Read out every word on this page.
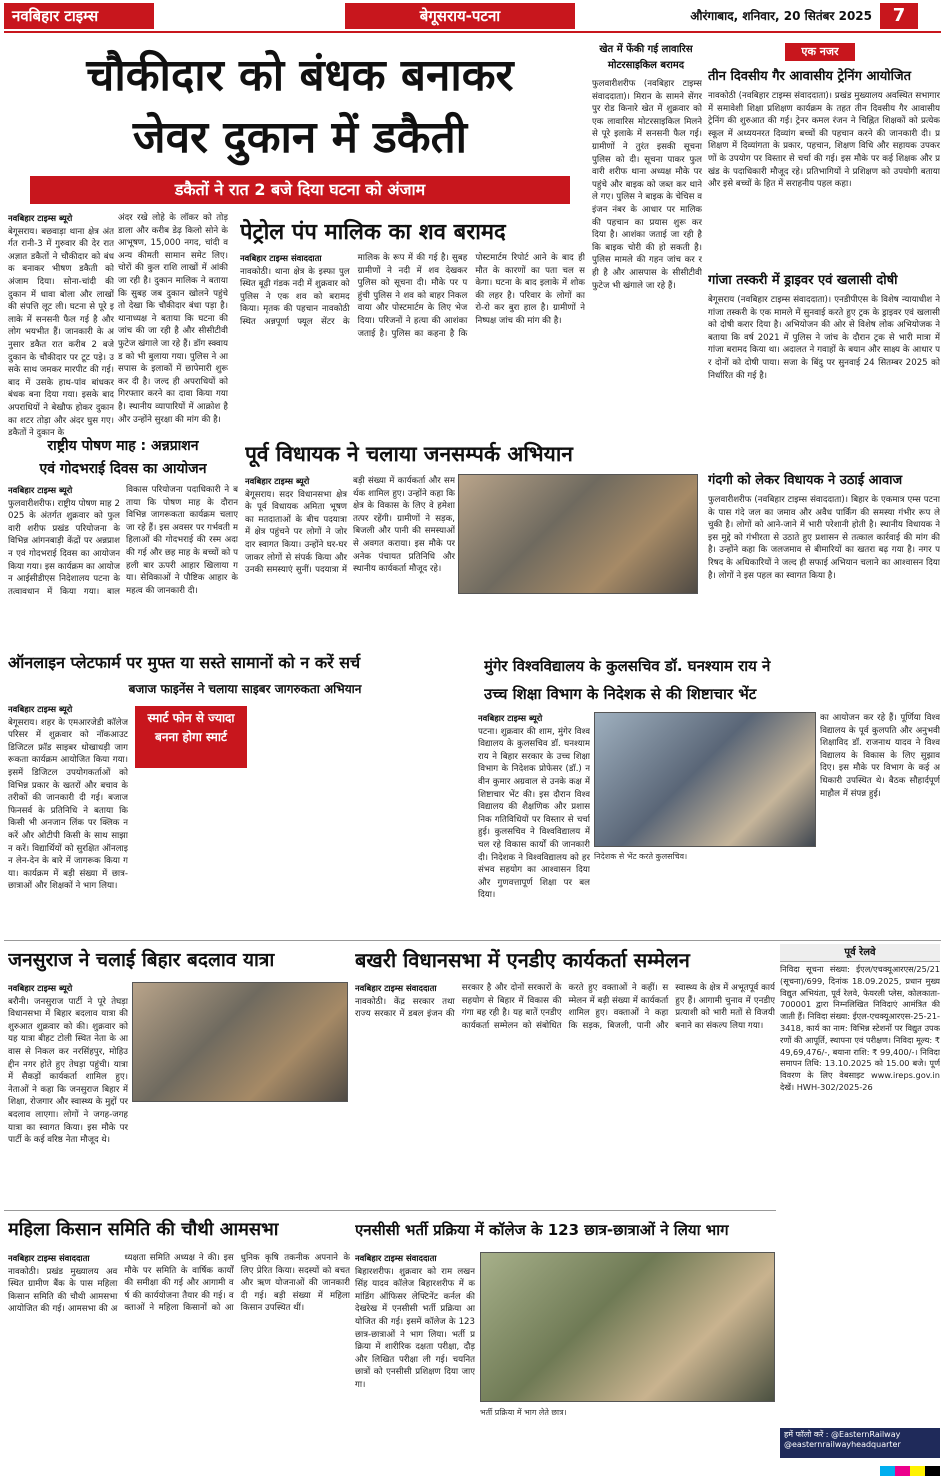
नवबिहार टाइम्स	बेगूसराय-पटना	औरंगाबाद, शनिवार, 20 सितंबर 2025	7
चौकीदार को बंधक बनाकर
जेवर दुकान में डकैती
डकैतों ने रात 2 बजे दिया घटना को अंजाम
नवबिहार टाइम्स ब्यूरो
बेगूसराय। बछवाड़ा थाना क्षेत्र अंतर्गत रानी-3 में गुरुवार की देर रात अज्ञात डकैतों ने चौकीदार को बंधक बनाकर भीषण डकैती को अंजाम दिया। सोना-चांदी की दुकान में धावा बोला और लाखों की संपत्ति लूट ली। घटना से पूरे इलाके में सनसनी फैल गई है और लोग भयभीत हैं। जानकारी के अनुसार डकैत रात करीब 2 बजे दुकान के चौकीदार पर टूट पड़े। उसके साथ जमकर मारपीट की गई। बाद में उसके हाथ-पांव बांधकर बंधक बना दिया गया। इसके बाद अपराधियों ने बेखौफ होकर दुकान का शटर तोड़ा और अंदर घुस गए। डकैतों ने दुकान के
अंदर रखे लोहे के लॉकर को तोड़ डाला और करीब डेढ़ किलो सोने के आभूषण, 15,000 नगद, चांदी व अन्य कीमती सामान समेट लिए। चोरों की कुल राशि लाखों में आंकी जा रही है। दुकान मालिक ने बताया कि सुबह जब दुकान खोलने पहुंचे तो देखा कि चौकीदार बंधा पड़ा है। थानाध्यक्ष ने बताया कि घटना की जांच की जा रही है और सीसीटीवी फुटेज खंगाले जा रहे हैं। डॉग स्क्वायड को भी बुलाया गया। पुलिस ने आसपास के इलाकों में छापेमारी शुरू कर दी है। जल्द ही अपराधियों को गिरफ्तार करने का दावा किया गया है। स्थानीय व्यापारियों में आक्रोश है और उन्होंने सुरक्षा की मांग की है।
पेट्रोल पंप मालिक का शव बरामद
नवबिहार टाइम्स संवाददाता
नावकोठी। थाना क्षेत्र के इस्फा पुल स्थित बूढ़ी गंडक नदी में शुक्रवार को पुलिस ने एक शव को बरामद किया। मृतक की पहचान नावकोठी स्थित अन्नपूर्णा फ्यूल सेंटर के मालिक के रूप में की गई है। सुबह ग्रामीणों ने नदी में शव देखकर पुलिस को सूचना दी। मौके पर पहुंची पुलिस ने शव को बाहर निकलवाया और पोस्टमार्टम के लिए भेज दिया। परिजनों ने हत्या की आशंका जताई है। पुलिस का कहना है कि पोस्टमार्टम रिपोर्ट आने के बाद ही मौत के कारणों का पता चल सकेगा। घटना के बाद इलाके में शोक की लहर है। परिवार के लोगों का रो-रो कर बुरा हाल है। ग्रामीणों ने निष्पक्ष जांच की मांग की है।
खेत में फेंकी गई लावारिस
मोटरसाइकिल बरामद
फुलवारीशरीफ (नवबिहार टाइम्स संवाददाता)। मिरान के सामने सेंगरपुर रोड किनारे खेत में शुक्रवार को एक लावारिस मोटरसाइकिल मिलने से पूरे इलाके में सनसनी फैल गई। ग्रामीणों ने तुरंत इसकी सूचना पुलिस को दी। सूचना पाकर फुलवारी शरीफ थाना अध्यक्ष मौके पर पहुंचे और बाइक को जब्त कर थाने ले गए। पुलिस ने बाइक के चेचिस व इंजन नंबर के आधार पर मालिक की पहचान का प्रयास शुरू कर दिया है। आशंका जताई जा रही है कि बाइक चोरी की हो सकती है। पुलिस मामले की गहन जांच कर रही है और आसपास के सीसीटीवी फुटेज भी खंगाले जा रहे हैं।
एक नजर
तीन दिवसीय गैर आवासीय ट्रेनिंग आयोजित
नावकोठी (नवबिहार टाइम्स संवाददाता)। प्रखंड मुख्यालय अवस्थित सभागार में समावेशी शिक्षा प्रशिक्षण कार्यक्रम के तहत तीन दिवसीय गैर आवासीय ट्रेनिंग की शुरुआत की गई। ट्रेनर कमल रंजन ने चिह्नित शिक्षकों को प्रत्येक स्कूल में अध्ययनरत दिव्यांग बच्चों की पहचान करने की जानकारी दी। प्रशिक्षण में दिव्यांगता के प्रकार, पहचान, शिक्षण विधि और सहायक उपकरणों के उपयोग पर विस्तार से चर्चा की गई। इस मौके पर कई शिक्षक और प्रखंड के पदाधिकारी मौजूद रहे। प्रतिभागियों ने प्रशिक्षण को उपयोगी बताया और इसे बच्चों के हित में सराहनीय पहल कहा।
गांजा तस्करी में ड्राइवर एवं खलासी दोषी
बेगूसराय (नवबिहार टाइम्स संवाददाता)। एनडीपीएस के विशेष न्यायाधीश ने गांजा तस्करी के एक मामले में सुनवाई करते हुए ट्रक के ड्राइवर एवं खलासी को दोषी करार दिया है। अभियोजन की ओर से विशेष लोक अभियोजक ने बताया कि वर्ष 2021 में पुलिस ने जांच के दौरान ट्रक से भारी मात्रा में गांजा बरामद किया था। अदालत ने गवाहों के बयान और साक्ष्य के आधार पर दोनों को दोषी पाया। सजा के बिंदु पर सुनवाई 24 सितम्बर 2025 को निर्धारित की गई है।
गंदगी को लेकर विधायक ने उठाई आवाज
फुलवारीशरीफ (नवबिहार टाइम्स संवाददाता)। बिहार के एकमात्र एम्स पटना के पास गंदे जल का जमाव और अवैध पार्किंग की समस्या गंभीर रूप ले चुकी है। लोगों को आने-जाने में भारी परेशानी होती है। स्थानीय विधायक ने इस मुद्दे को गंभीरता से उठाते हुए प्रशासन से तत्काल कार्रवाई की मांग की है। उन्होंने कहा कि जलजमाव से बीमारियों का खतरा बढ़ गया है। नगर परिषद के अधिकारियों ने जल्द ही सफाई अभियान चलाने का आश्वासन दिया है। लोगों ने इस पहल का स्वागत किया है।
राष्ट्रीय पोषण माह : अन्नप्राशन
एवं गोदभराई दिवस का आयोजन
नवबिहार टाइम्स ब्यूरो
फुलवारीशरीफ। राष्ट्रीय पोषण माह 2025 के अंतर्गत शुक्रवार को फुलवारी शरीफ प्रखंड परियोजना के विभिन्न आंगनबाड़ी केंद्रों पर अन्नप्राशन एवं गोदभराई दिवस का आयोजन किया गया। इस कार्यक्रम का आयोजन आईसीडीएस निदेशालय पटना के तत्वावधान में किया गया। बाल विकास परियोजना पदाधिकारी ने बताया कि पोषण माह के दौरान विभिन्न जागरूकता कार्यक्रम चलाए जा रहे हैं। इस अवसर पर गर्भवती महिलाओं की गोदभराई की रस्म अदा की गई और छह माह के बच्चों को पहली बार ऊपरी आहार खिलाया गया। सेविकाओं ने पौष्टिक आहार के महत्व की जानकारी दी।
पूर्व विधायक ने चलाया जनसम्पर्क अभियान
नवबिहार टाइम्स ब्यूरो
बेगूसराय। सदर विधानसभा क्षेत्र के पूर्व विधायक अमिता भूषण का मतदाताओं के बीच पदयात्रा में क्षेत्र पहुंचने पर लोगों ने जोरदार स्वागत किया। उन्होंने घर-घर जाकर लोगों से संपर्क किया और उनकी समस्याएं सुनीं। पदयात्रा में बड़ी संख्या में कार्यकर्ता और समर्थक शामिल हुए। उन्होंने कहा कि क्षेत्र के विकास के लिए वे हमेशा तत्पर रहेंगी। ग्रामीणों ने सड़क, बिजली और पानी की समस्याओं से अवगत कराया। इस मौके पर अनेक पंचायत प्रतिनिधि और स्थानीय कार्यकर्ता मौजूद रहे।
ऑनलाइन प्लेटफार्म पर मुफ्त या सस्ते सामानों को न करें सर्च
बजाज फाइनेंस ने चलाया साइबर जागरुकता अभियान
नवबिहार टाइम्स ब्यूरो
बेगूसराय। शहर के एमआरजेडी कॉलेज परिसर में शुक्रवार को नॉकआउट डिजिटल फ्रॉड साइबर धोखाधड़ी जागरूकता कार्यक्रम आयोजित किया गया। इसमें डिजिटल उपयोगकर्ताओं को विभिन्न प्रकार के खतरों और बचाव के तरीकों की जानकारी दी गई। बजाज फिनसर्व के प्रतिनिधि ने बताया कि किसी भी अनजान लिंक पर क्लिक न करें और ओटीपी किसी के साथ साझा न करें। विद्यार्थियों को सुरक्षित ऑनलाइन लेन-देन के बारे में जागरूक किया गया। कार्यक्रम में बड़ी संख्या में छात्र-छात्राओं और शिक्षकों ने भाग लिया।
स्मार्ट फोन से ज्यादा बनना होगा स्मार्ट
मुंगेर विश्वविद्यालय के कुलसचिव डॉ. घनश्याम राय ने
उच्च शिक्षा विभाग के निदेशक से की शिष्टाचार भेंट
नवबिहार टाइम्स ब्यूरो
पटना। शुक्रवार की शाम, मुंगेर विश्वविद्यालय के कुलसचिव डॉ. घनश्याम राय ने बिहार सरकार के उच्च शिक्षा विभाग के निदेशक प्रोफेसर (डॉ.) नवीन कुमार अग्रवाल से उनके कक्ष में शिष्टाचार भेंट की। इस दौरान विश्वविद्यालय की शैक्षणिक और प्रशासनिक गतिविधियों पर विस्तार से चर्चा हुई। कुलसचिव ने विश्वविद्यालय में चल रहे विकास कार्यों की जानकारी दी। निदेशक ने विश्वविद्यालय को हर संभव सहयोग का आश्वासन दिया और गुणवत्तापूर्ण शिक्षा पर बल दिया।
निदेशक से भेंट करते कुलसचिव।
का आयोजन कर रहे हैं। पूर्णिया विश्वविद्यालय के पूर्व कुलपति और अनुभवी शिक्षाविद डॉ. राजनाथ यादव ने विश्वविद्यालय के विकास के लिए सुझाव दिए। इस मौके पर विभाग के कई अधिकारी उपस्थित थे। बैठक सौहार्दपूर्ण माहौल में संपन्न हुई।
जनसुराज ने चलाई बिहार बदलाव यात्रा
नवबिहार टाइम्स ब्यूरो
बरौनी। जनसुराज पार्टी ने पूरे तेघड़ा विधानसभा में बिहार बदलाव यात्रा की शुरुआत शुक्रवार को की। शुक्रवार को यह यात्रा बीहट टोली स्थित नेता के आवास से निकल कर नरसिंहपुर, मोहिउद्दीन नगर होते हुए तेघड़ा पहुंची। यात्रा में सैकड़ों कार्यकर्ता शामिल हुए। नेताओं ने कहा कि जनसुराज बिहार में शिक्षा, रोजगार और स्वास्थ्य के मुद्दों पर बदलाव लाएगा। लोगों ने जगह-जगह यात्रा का स्वागत किया। इस मौके पर पार्टी के कई वरिष्ठ नेता मौजूद थे।
बखरी विधानसभा में एनडीए कार्यकर्ता सम्मेलन
नवबिहार टाइम्स संवाददाता
नावकोठी। केंद्र सरकार तथा राज्य सरकार में डबल इंजन की सरकार है और दोनों सरकारों के सहयोग से बिहार में विकास की गंगा बह रही है। यह बातें एनडीए कार्यकर्ता सम्मेलन को संबोधित करते हुए वक्ताओं ने कहीं। सम्मेलन में बड़ी संख्या में कार्यकर्ता शामिल हुए। वक्ताओं ने कहा कि सड़क, बिजली, पानी और स्वास्थ्य के क्षेत्र में अभूतपूर्व कार्य हुए हैं। आगामी चुनाव में एनडीए प्रत्याशी को भारी मतों से विजयी बनाने का संकल्प लिया गया।
पूर्व रेलवे
निविदा सूचना संख्या: ईएल/एचक्यूआरएस/25/21 (सूचना)/699, दिनांक 18.09.2025, प्रधान मुख्य विद्युत अभियंता, पूर्व रेलवे, फेयरली प्लेस, कोलकाता-700001 द्वारा निम्नलिखित निविदाएं आमंत्रित की जाती हैं। निविदा संख्या: ईएल-एचक्यूआरएस-25-21-3418, कार्य का नाम: विभिन्न स्टेशनों पर विद्युत उपकरणों की आपूर्ति, स्थापना एवं परीक्षण। निविदा मूल्य: ₹ 49,69,476/-, बयाना राशि: ₹ 99,400/-। निविदा समापन तिथि: 13.10.2025 को 15.00 बजे। पूर्ण विवरण के लिए वेबसाइट www.ireps.gov.in देखें। HWH-302/2025-26
हमें फॉलो करें : @EasternRailway @easternrailwayheadquarter
महिला किसान समिति की चौथी आमसभा
नवबिहार टाइम्स संवाददाता
नावकोठी। प्रखंड मुख्यालय अवस्थित ग्रामीण बैंक के पास महिला किसान समिति की चौथी आमसभा आयोजित की गई। आमसभा की अध्यक्षता समिति अध्यक्ष ने की। इस मौके पर समिति के वार्षिक कार्यों की समीक्षा की गई और आगामी वर्ष की कार्ययोजना तैयार की गई। वक्ताओं ने महिला किसानों को आधुनिक कृषि तकनीक अपनाने के लिए प्रेरित किया। सदस्यों को बचत और ऋण योजनाओं की जानकारी दी गई। बड़ी संख्या में महिला किसान उपस्थित थीं।
एनसीसी भर्ती प्रक्रिया में कॉलेज के 123 छात्र-छात्राओं ने लिया भाग
नवबिहार टाइम्स संवाददाता
बिहारशरीफ। शुक्रवार को राम लखन सिंह यादव कॉलेज बिहारशरीफ में कमांडिंग ऑफिसर लेफ्टिनेंट कर्नल की देखरेख में एनसीसी भर्ती प्रक्रिया आयोजित की गई। इसमें कॉलेज के 123 छात्र-छात्राओं ने भाग लिया। भर्ती प्रक्रिया में शारीरिक दक्षता परीक्षा, दौड़ और लिखित परीक्षा ली गई। चयनित छात्रों को एनसीसी प्रशिक्षण दिया जाएगा।
भर्ती प्रक्रिया में भाग लेते छात्र।
